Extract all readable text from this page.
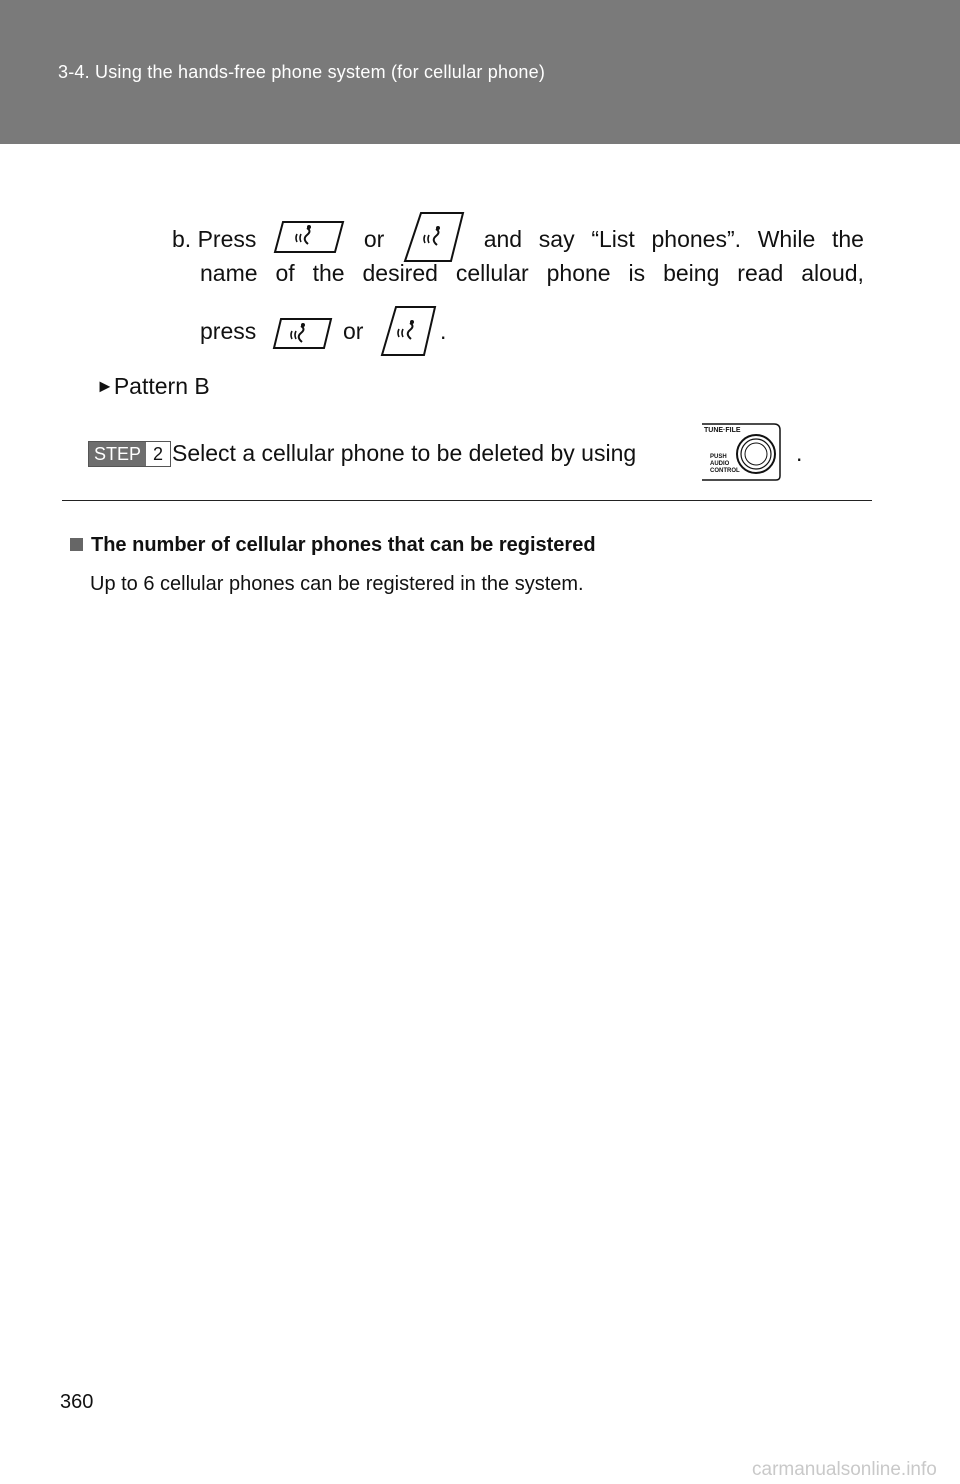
3-4. Using the hands-free phone system (for cellular phone)
b. Press	or	and say “List phones”. While the
name of the desired cellular phone is being read aloud,
press	or	.
►Pattern B
STEP 2 Select a cellular phone to be deleted by using
TUNE·FILE
PUSH
AUDIO
CONTROL
.
The number of cellular phones that can be registered
Up to 6 cellular phones can be registered in the system.
360
carmanualsonline.info
